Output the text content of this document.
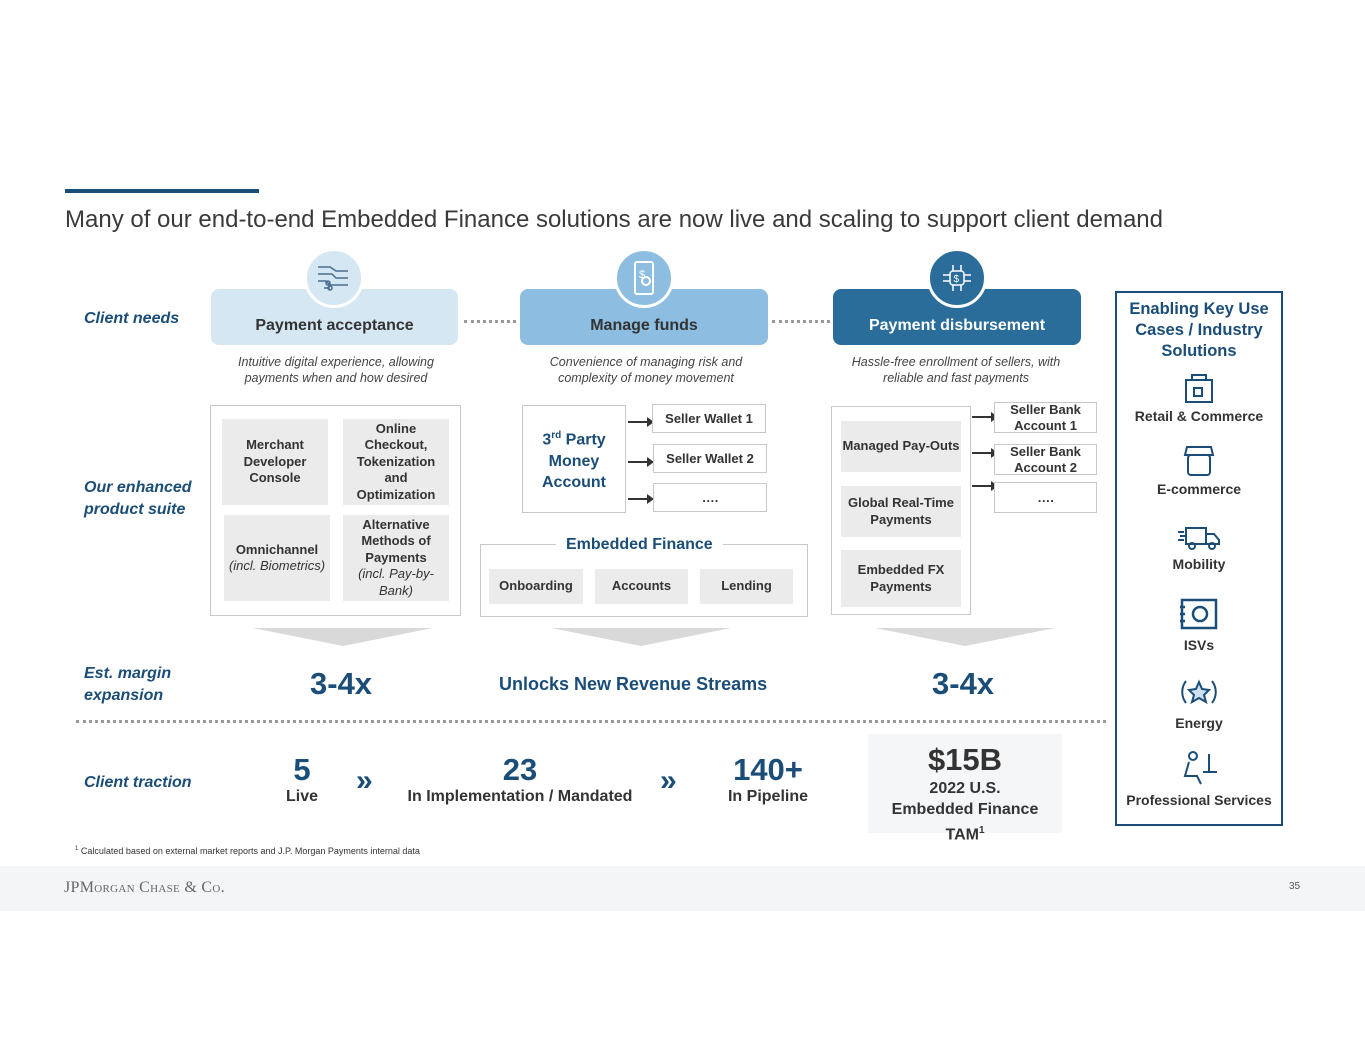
Many of our end-to-end Embedded Finance solutions are now live and scaling to support client demand
Client needs
Our enhanced product suite
Est. margin expansion
Client traction
Payment acceptance	Manage funds	Payment disbursement
$	$
Intuitive digital experience, allowing payments when and how desired
Convenience of managing risk and complexity of money movement
Hassle-free enrollment of sellers, with reliable and fast payments
Merchant Developer Console
Online Checkout, Tokenization and Optimization
Omnichannel
(incl. Biometrics)
Alternative Methods of Payments
(incl. Pay-by-Bank)
3rd Party Money Account
Seller Wallet 1
Seller Wallet 2
….
Embedded Finance
Onboarding	Accounts	Lending
Managed Pay-Outs
Global Real-Time Payments
Embedded FX Payments
Seller Bank Account 1
Seller Bank Account 2
….
3-4x	Unlocks New Revenue Streams	3-4x
5
Live	»	23
In Implementation / Mandated »	140+
In Pipeline
$15B
2022 U.S. Embedded Finance TAM$^1$
Enabling Key Use Cases / Industry Solutions
Retail & Commerce
E-commerce
Mobility
ISVs
Energy
Professional Services
$^1$ Calculated based on external market reports and J.P. Morgan Payments internal data
JPMorgan Chase & Co.	35
